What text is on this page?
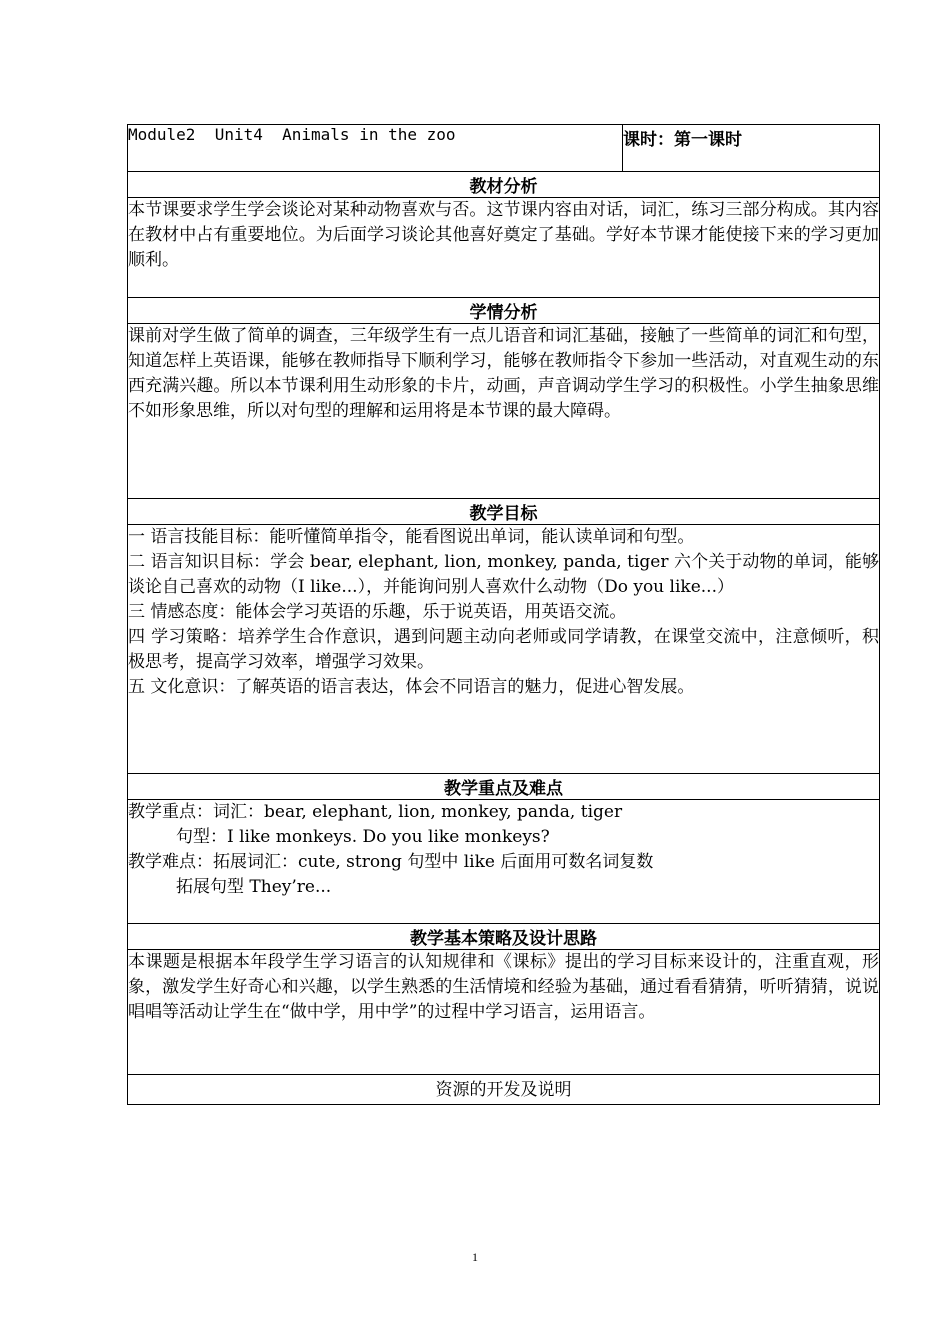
Module2  Unit4  Animals in the zoo	课时：第一课时
教材分析
本节课要求学生学会谈论对某种动物喜欢与否。这节课内容由对话，词汇，练习三部分构成。其内容在教材中占有重要地位。为后面学习谈论其他喜好奠定了基础。学好本节课才能使接下来的学习更加顺利。
学情分析
课前对学生做了简单的调查，三年级学生有一点儿语音和词汇基础，接触了一些简单的词汇和句型，知道怎样上英语课，能够在教师指导下顺利学习，能够在教师指令下参加一些活动，对直观生动的东西充满兴趣。所以本节课利用生动形象的卡片，动画，声音调动学生学习的积极性。小学生抽象思维不如形象思维，所以对句型的理解和运用将是本节课的最大障碍。
教学目标

一 语言技能目标：能听懂简单指令，能看图说出单词，能认读单词和句型。
二 语言知识目标：学会 bear, elephant, lion, monkey, panda, tiger 六个关于动物的单词，能够谈论自己喜欢的动物（I like...），并能询问别人喜欢什么动物（Do you like...）
三 情感态度：能体会学习英语的乐趣，乐于说英语，用英语交流。
四 学习策略：培养学生合作意识，遇到问题主动向老师或同学请教，在课堂交流中，注意倾听，积极思考，提高学习效率，增强学习效果。
五 文化意识：了解英语的语言表达，体会不同语言的魅力，促进心智发展。

教学重点及难点

教学重点：词汇：bear, elephant, lion, monkey, panda, tiger
句型：I like monkeys. Do you like monkeys?
教学难点：拓展词汇：cute, strong 句型中 like 后面用可数名词复数
拓展句型 They’re...

教学基本策略及设计思路
本课题是根据本年段学生学习语言的认知规律和《课标》提出的学习目标来设计的，注重直观，形象，激发学生好奇心和兴趣，以学生熟悉的生活情境和经验为基础，通过看看猜猜，听听猜猜，说说唱唱等活动让学生在“做中学，用中学”的过程中学习语言，运用语言。
资源的开发及说明
1
